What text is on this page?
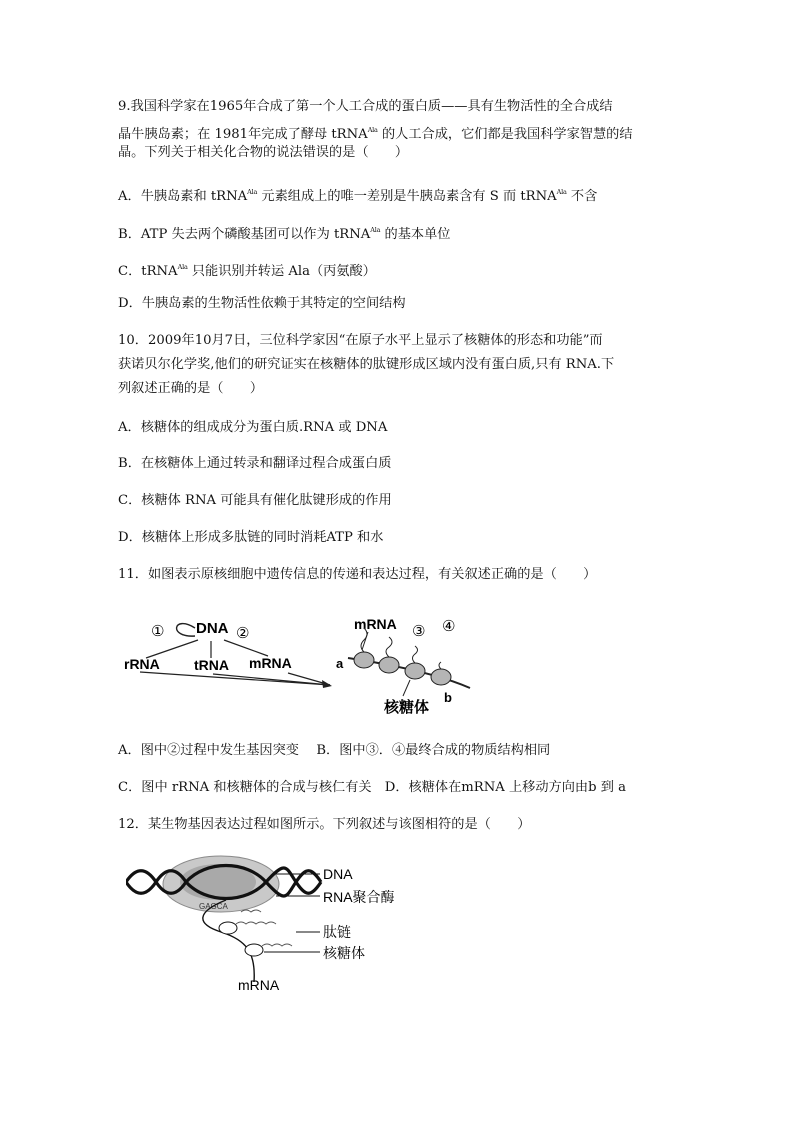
9.我国科学家在1965年合成了第一个人工合成的蛋白质——具有生物活性的全合成结
晶牛胰岛素；在 1981年完成了酵母 tRNA$^{Ala}$ 的人工合成，它们都是我国科学家智慧的结
晶。下列关于相关化合物的说法错误的是（　　）
A．牛胰岛素和 tRNA$^{Ala}$ 元素组成上的唯一差别是牛胰岛素含有 S 而 tRNA$^{Ala}$ 不含
B．ATP 失去两个磷酸基团可以作为 tRNA$^{Ala}$ 的基本单位
C．tRNA$^{Ala}$ 只能识别并转运 Ala（丙氨酸）
D．牛胰岛素的生物活性依赖于其特定的空间结构
10．2009年10月7日，三位科学家因“在原子水平上显示了核糖体的形态和功能”而
获诺贝尔化学奖,他们的研究证实在核糖体的肽键形成区域内没有蛋白质,只有 RNA.下
列叙述正确的是（　　）
A．核糖体的组成成分为蛋白质.RNA 或 DNA
B．在核糖体上通过转录和翻译过程合成蛋白质
C．核糖体 RNA 可能具有催化肽键形成的作用
D．核糖体上形成多肽链的同时消耗ATP 和水
11．如图表示原核细胞中遗传信息的传递和表达过程，有关叙述正确的是（　　）
① DNA ②
rRNA tRNA mRNA
mRNA ③ ④
a
b
核糖体
A．图中②过程中发生基因突变　 B．图中③．④最终合成的物质结构相同
C．图中 rRNA 和核糖体的合成与核仁有关　D．核糖体在mRNA 上移动方向由b 到 a
12．某生物基因表达过程如图所示。下列叙述与该图相符的是（　　）
GAGCA
DNA
RNA聚合酶
肽链
核糖体
mRNA
